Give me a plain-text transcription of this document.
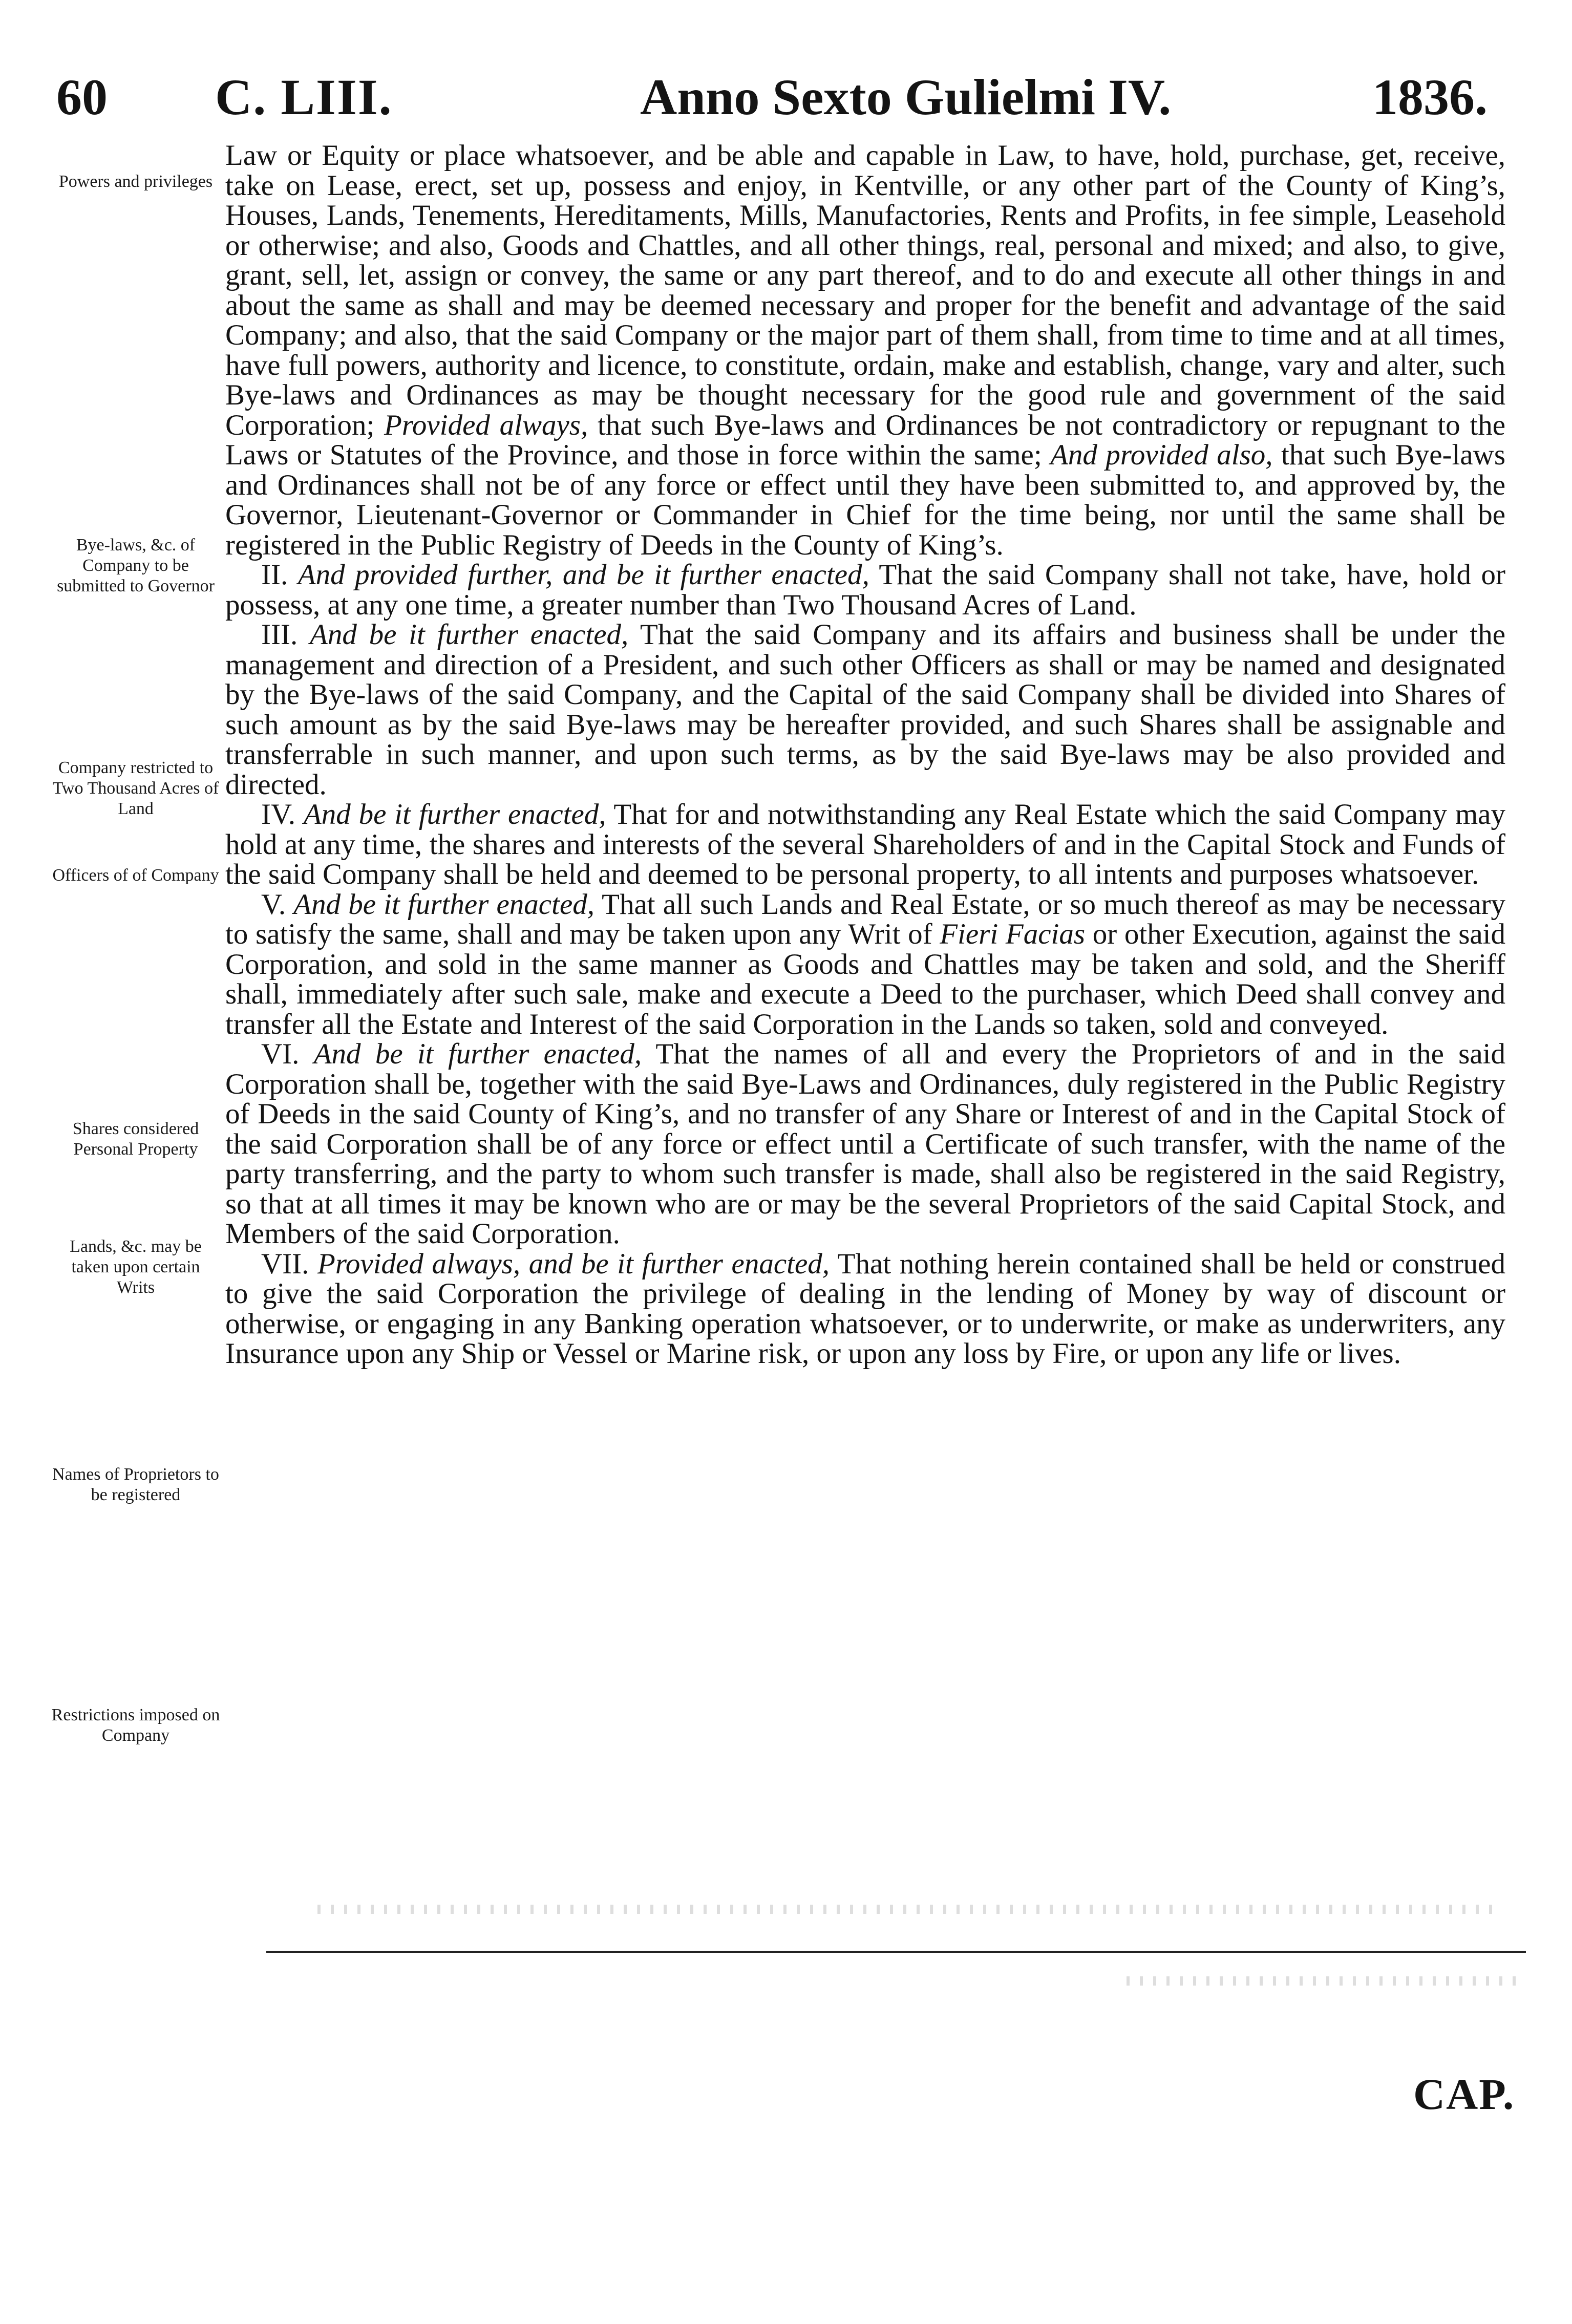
60 C. LIII.	Anno Sexto Gulielmi IV.	1836.
Powers and privileges
Bye-laws, &c. of Company to be submitted to Governor
Company restricted to Two Thousand Acres of Land
Officers of of Company
Shares considered Personal Property
Lands, &c. may be taken upon certain Writs
Names of Proprietors to be registered
Restrictions imposed on Company

Law or Equity or place whatsoever, and be able and capable in Law, to have, hold, purchase, get, receive, take on Lease, erect, set up, possess and enjoy, in Kentville, or any other part of the County of King’s, Houses, Lands, Tenements, Hereditaments, Mills, Manufactories, Rents and Profits, in fee simple, Leasehold or otherwise; and also, Goods and Chattles, and all other things, real, personal and mixed; and also, to give, grant, sell, let, assign or convey, the same or any part thereof, and to do and execute all other things in and about the same as shall and may be deemed necessary and proper for the benefit and advantage of the said Company; and also, that the said Company or the major part of them shall, from time to time and at all times, have full powers, authority and licence, to constitute, ordain, make and establish, change, vary and alter, such Bye-laws and Ordinances as may be thought necessary for the good rule and government of the said Corporation; Provided always, that such Bye-laws and Ordinances be not contradictory or repugnant to the Laws or Statutes of the Province, and those in force within the same; And provided also, that such Bye-laws and Ordinances shall not be of any force or effect until they have been submitted to, and approved by, the Governor, Lieutenant-Governor or Commander in Chief for the time being, nor until the same shall be registered in the Public Registry of Deeds in the County of King’s.

II. And provided further, and be it further enacted, That the said Company shall not take, have, hold or possess, at any one time, a greater number than Two Thousand Acres of Land.

III. And be it further enacted, That the said Company and its affairs and business shall be under the management and direction of a President, and such other Officers as shall or may be named and designated by the Bye-laws of the said Company, and the Capital of the said Company shall be divided into Shares of such amount as by the said Bye-laws may be hereafter provided, and such Shares shall be assignable and transferrable in such manner, and upon such terms, as by the said Bye-laws may be also provided and directed.

IV. And be it further enacted, That for and notwithstanding any Real Estate which the said Company may hold at any time, the shares and interests of the several Shareholders of and in the Capital Stock and Funds of the said Company shall be held and deemed to be personal property, to all intents and purposes whatsoever.

V. And be it further enacted, That all such Lands and Real Estate, or so much thereof as may be necessary to satisfy the same, shall and may be taken upon any Writ of Fieri Facias or other Execution, against the said Corporation, and sold in the same manner as Goods and Chattles may be taken and sold, and the Sheriff shall, immediately after such sale, make and execute a Deed to the purchaser, which Deed shall convey and transfer all the Estate and Interest of the said Corporation in the Lands so taken, sold and conveyed.

VI. And be it further enacted, That the names of all and every the Proprietors of and in the said Corporation shall be, together with the said Bye-Laws and Ordinances, duly registered in the Public Registry of Deeds in the said County of King’s, and no transfer of any Share or Interest of and in the Capital Stock of the said Corporation shall be of any force or effect until a Certificate of such transfer, with the name of the party transferring, and the party to whom such transfer is made, shall also be registered in the said Registry, so that at all times it may be known who are or may be the several Proprietors of the said Capital Stock, and Members of the said Corporation.

VII. Provided always, and be it further enacted, That nothing herein contained shall be held or construed to give the said Corporation the privilege of dealing in the lending of Money by way of discount or otherwise, or engaging in any Banking operation whatsoever, or to underwrite, or make as underwriters, any Insurance upon any Ship or Vessel or Marine risk, or upon any loss by Fire, or upon any life or lives.

CAP.
